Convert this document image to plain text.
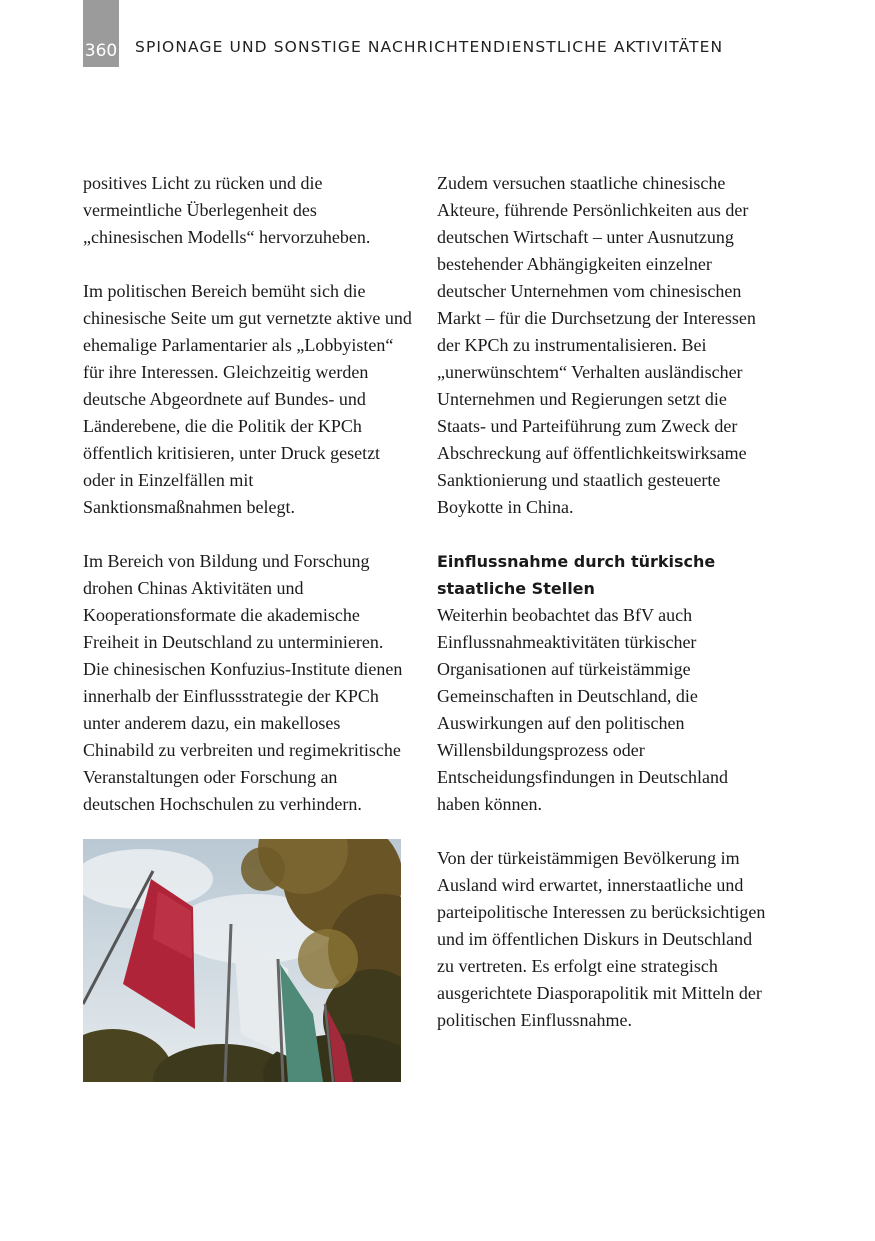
360 SPIONAGE UND SONSTIGE NACHRICHTENDIENSTLICHE AKTIVITÄTEN

positives Licht zu rücken und die vermeintliche Überlegenheit des „chinesischen Modells“ hervorzuheben.

Im politischen Bereich bemüht sich die chinesische Seite um gut vernetzte aktive und ehemalige Parlamentarier als „Lobbyisten“ für ihre Interessen. Gleichzeitig werden deutsche Abgeordnete auf Bundes- und Länderebene, die die Politik der KPCh öffentlich kritisieren, unter Druck gesetzt oder in Einzelfällen mit Sanktionsmaßnahmen belegt.

Im Bereich von Bildung und Forschung drohen Chinas Aktivitäten und Kooperationsformate die akademische Freiheit in Deutschland zu unterminieren. Die chinesischen Konfuzius-Institute dienen innerhalb der Einflussstrategie der KPCh unter anderem dazu, ein makelloses Chinabild zu verbreiten und regimekritische Veranstaltungen oder Forschung an deutschen Hochschulen zu verhindern.

Zudem versuchen staatliche chinesische Akteure, führende Persönlichkeiten aus der deutschen Wirtschaft – unter Ausnutzung bestehender Abhängigkeiten einzelner deutscher Unternehmen vom chinesischen Markt – für die Durchsetzung der Interessen der KPCh zu instrumentalisieren. Bei „unerwünschtem“ Verhalten ausländischer Unternehmen und Regierungen setzt die Staats- und Parteiführung zum Zweck der Abschreckung auf öffentlichkeitswirksame Sanktionierung und staatlich gesteuerte Boykotte in China.

Einflussnahme durch türkische staatliche Stellen

Weiterhin beobachtet das BfV auch Einflussnahmeaktivitäten türkischer Organisationen auf türkeistämmige Gemeinschaften in Deutschland, die Auswirkungen auf den politischen Willensbildungsprozess oder Entscheidungsfindungen in Deutschland haben können.

Von der türkeistämmigen Bevölkerung im Ausland wird erwartet, innerstaatliche und parteipolitische Interessen zu berücksichtigen und im öffentlichen Diskurs in Deutschland zu vertreten. Es erfolgt eine strategisch ausgerichtete Diasporapolitik mit Mitteln der politischen Einflussnahme.
